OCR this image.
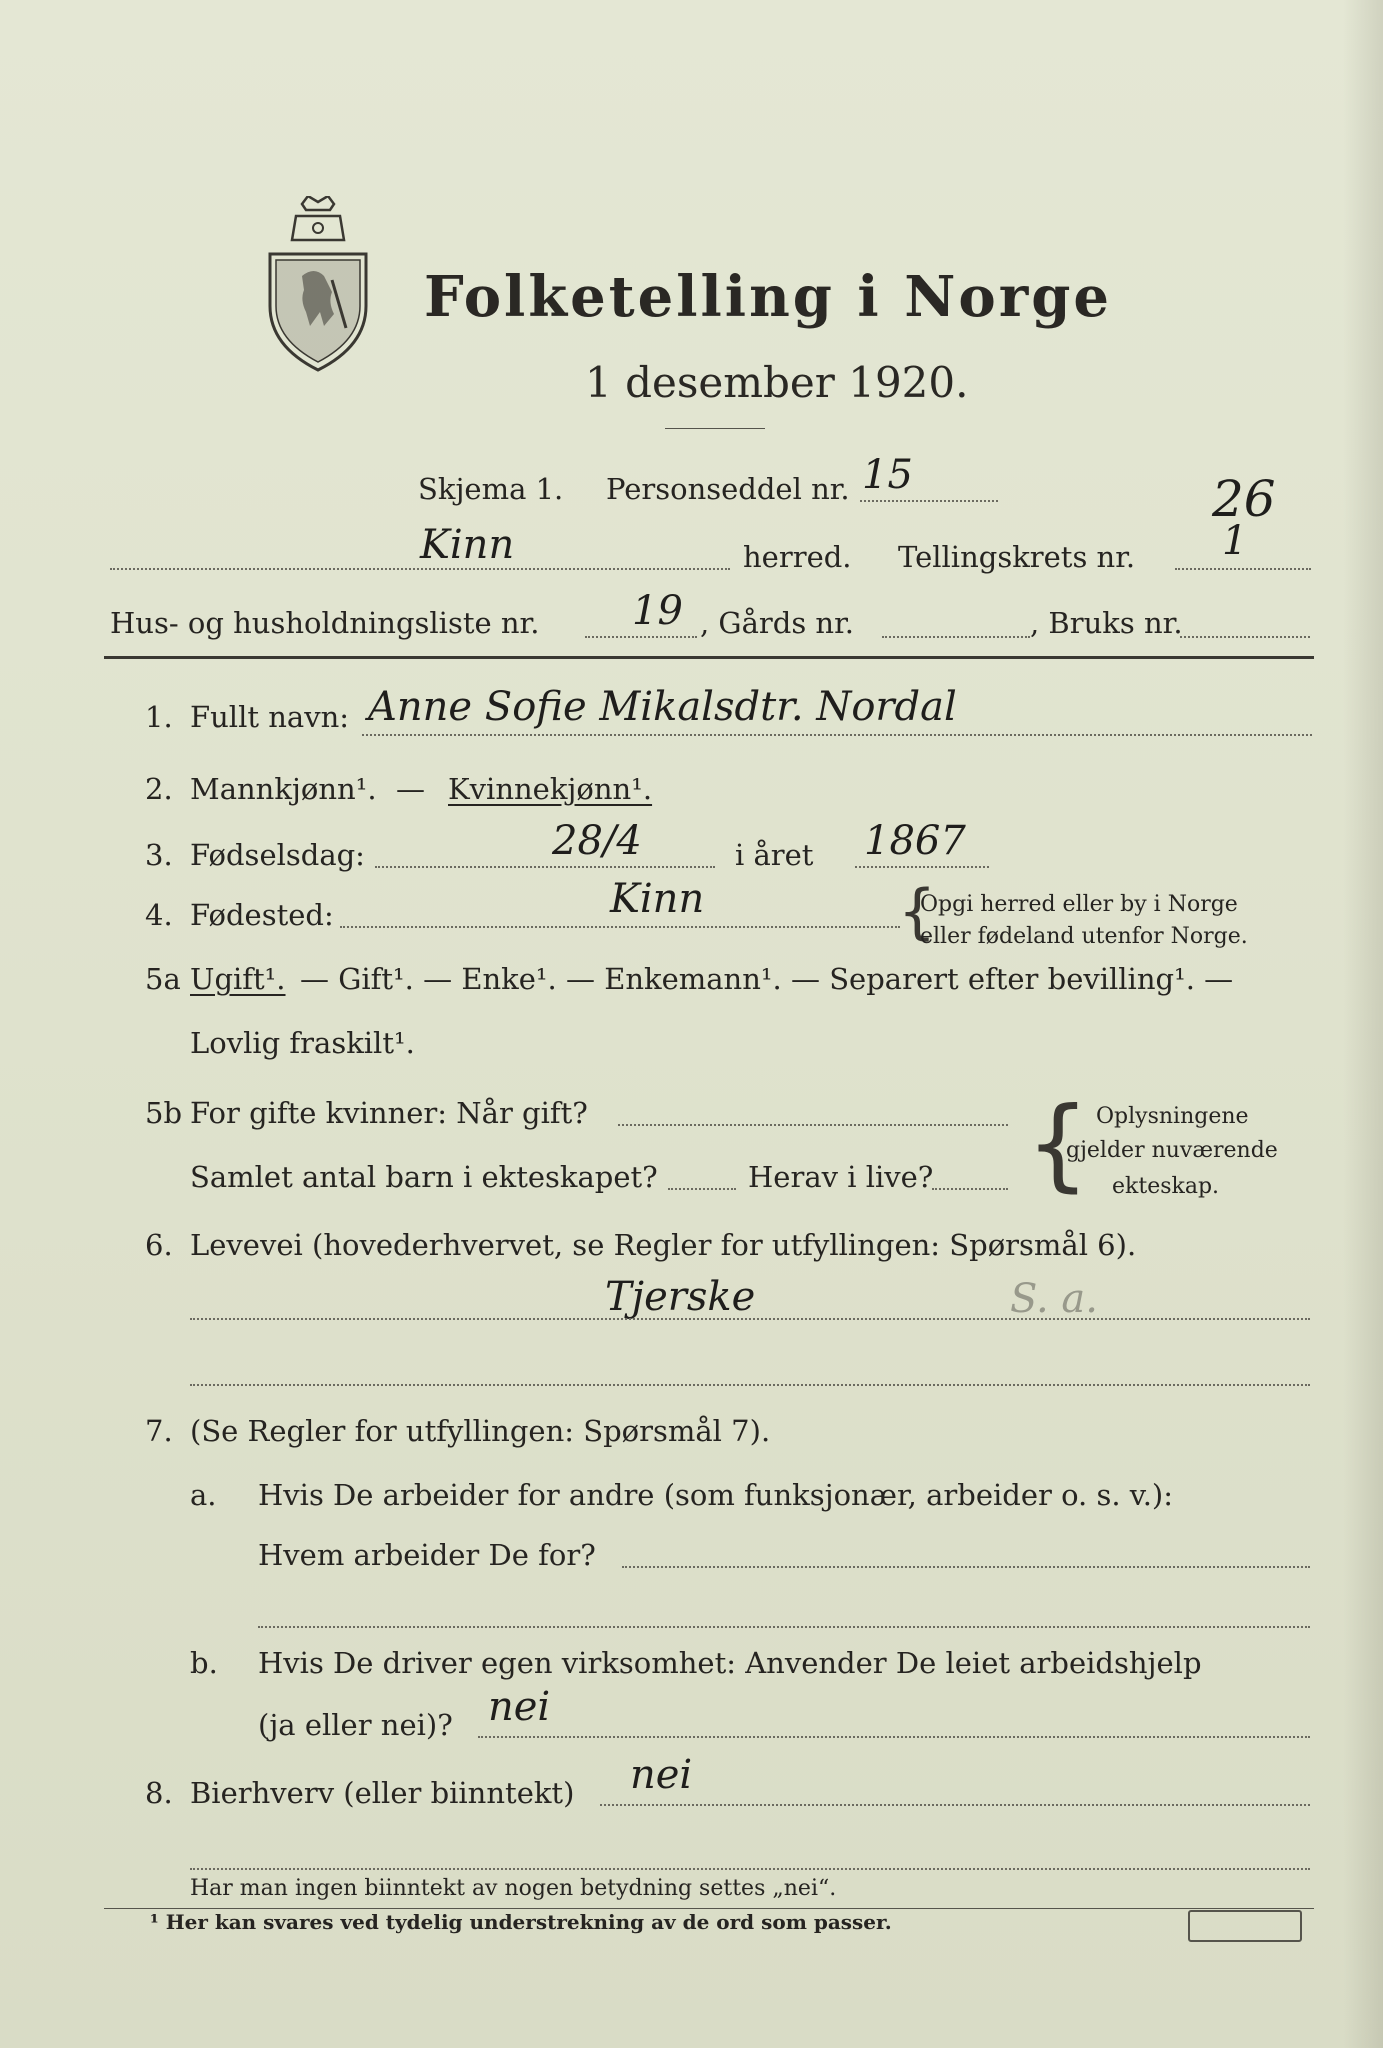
Folketelling i Norge
1 desember 1920.
Skjema 1. Personseddel nr. 15	26
Kinn	herred. Tellingskrets nr. 1
Hus- og husholdningsliste nr. 19 , Gårds nr.	, Bruks nr.
1. Fullt navn: Anne Sofie Mikalsdtr. Nordal
2. Mannkjønn¹. — Kvinnekjønn¹.
3. Fødselsdag:	28/4	i året 1867
4. Fødested:	Kinn	{
Opgi herred eller by i Norge
eller fødeland utenfor Norge.
5a Ugift¹. — Gift¹. — Enke¹. — Enkemann¹. — Separert efter bevilling¹. —
Lovlig fraskilt¹.
5b For gifte kvinner: Når gift?
Samlet antal barn i ekteskapet?	Herav i live? { Oplysningene
gjelder nuværende
ekteskap.
6. Levevei (hovederhvervet, se Regler for utfyllingen: Spørsmål 6).
Tjerske	S. a.
7. (Se Regler for utfyllingen: Spørsmål 7).
a. Hvis De arbeider for andre (som funksjonær, arbeider o. s. v.):
Hvem arbeider De for?
b. Hvis De driver egen virksomhet: Anvender De leiet arbeidshjelp
(ja eller nei)? nei
8. Bierhverv (eller biinntekt) nei
Har man ingen biinntekt av nogen betydning settes „nei“.
¹ Her kan svares ved tydelig understrekning av de ord som passer.
